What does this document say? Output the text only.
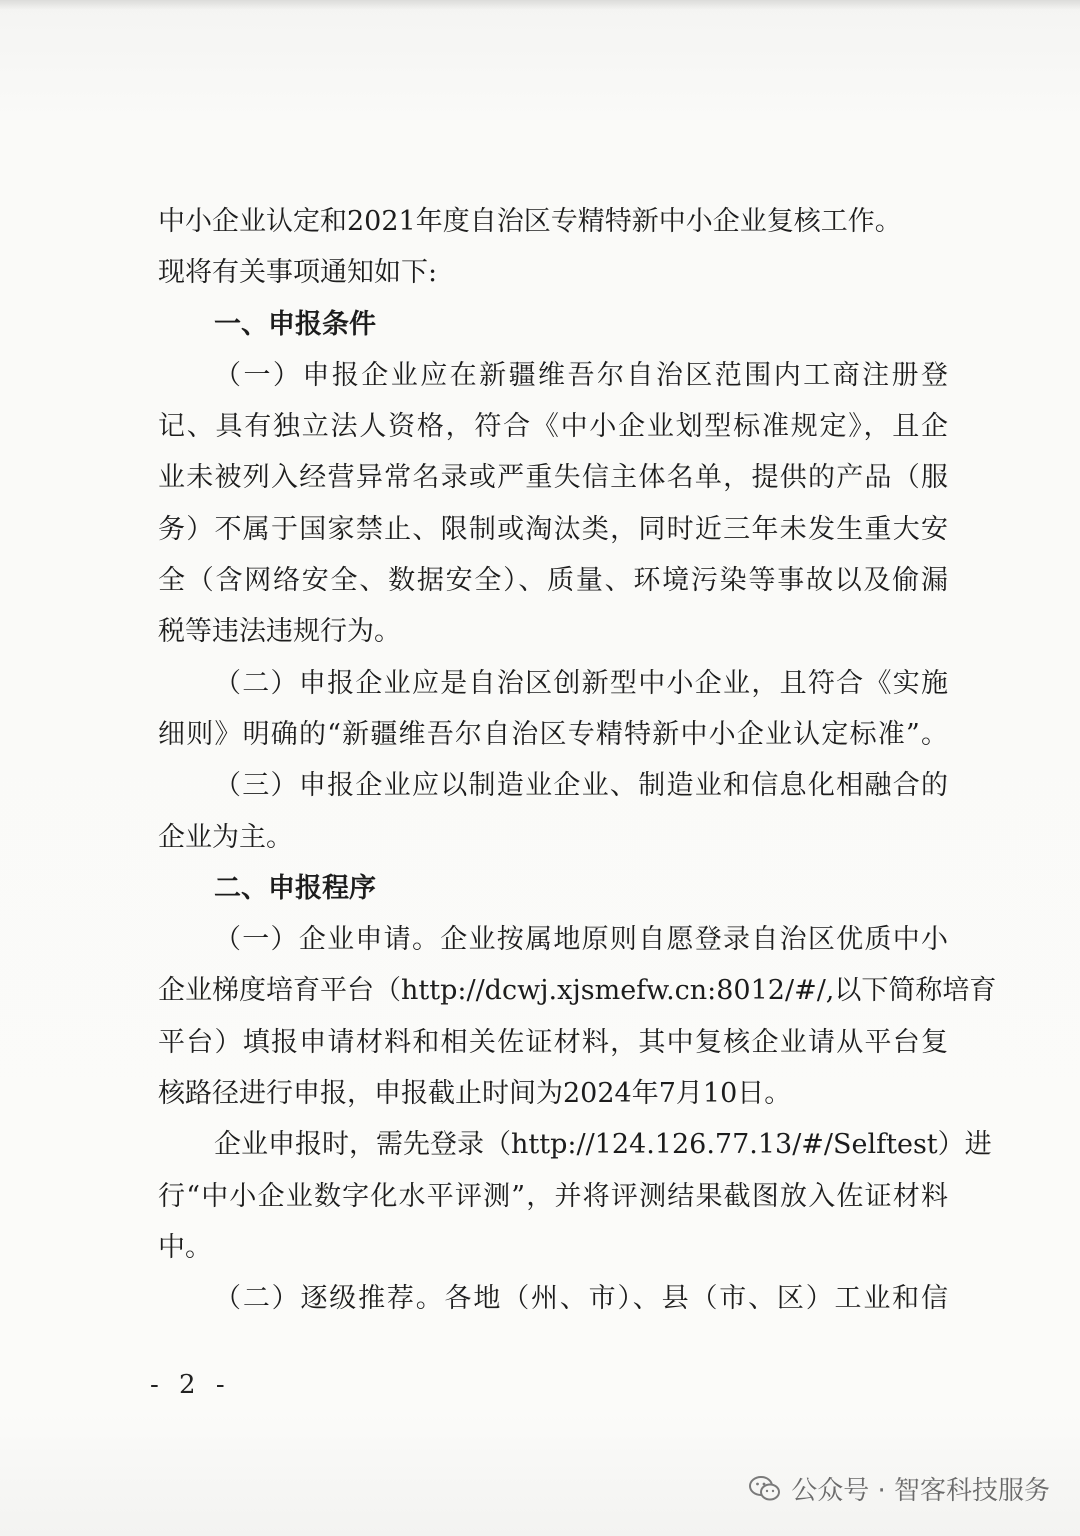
中小企业认定和2021年度自治区专精特新中小企业复核工作。
现将有关事项通知如下:
一、申报条件
（一）申报企业应在新疆维吾尔自治区范围内工商注册登
记、具有独立法人资格，符合《中小企业划型标准规定》，且企
业未被列入经营异常名录或严重失信主体名单，提供的产品（服
务）不属于国家禁止、限制或淘汰类，同时近三年未发生重大安
全（含网络安全、数据安全）、质量、环境污染等事故以及偷漏
税等违法违规行为。
（二）申报企业应是自治区创新型中小企业，且符合《实施
细则》明确的“新疆维吾尔自治区专精特新中小企业认定标准”。
（三）申报企业应以制造业企业、制造业和信息化相融合的
企业为主。
二、申报程序
（一）企业申请。企业按属地原则自愿登录自治区优质中小
企业梯度培育平台（http://dcwj.xjsmefw.cn:8012/#/,以下简称培育
平台）填报申请材料和相关佐证材料，其中复核企业请从平台复
核路径进行申报，申报截止时间为2024年7月10日。
企业申报时，需先登录（http://124.126.77.13/#/Selftest）进
行“中小企业数字化水平评测”，并将评测结果截图放入佐证材料
中。
（二）逐级推荐。各地（州、市）、县（市、区）工业和信
- 2 -
公众号 · 智客科技服务
